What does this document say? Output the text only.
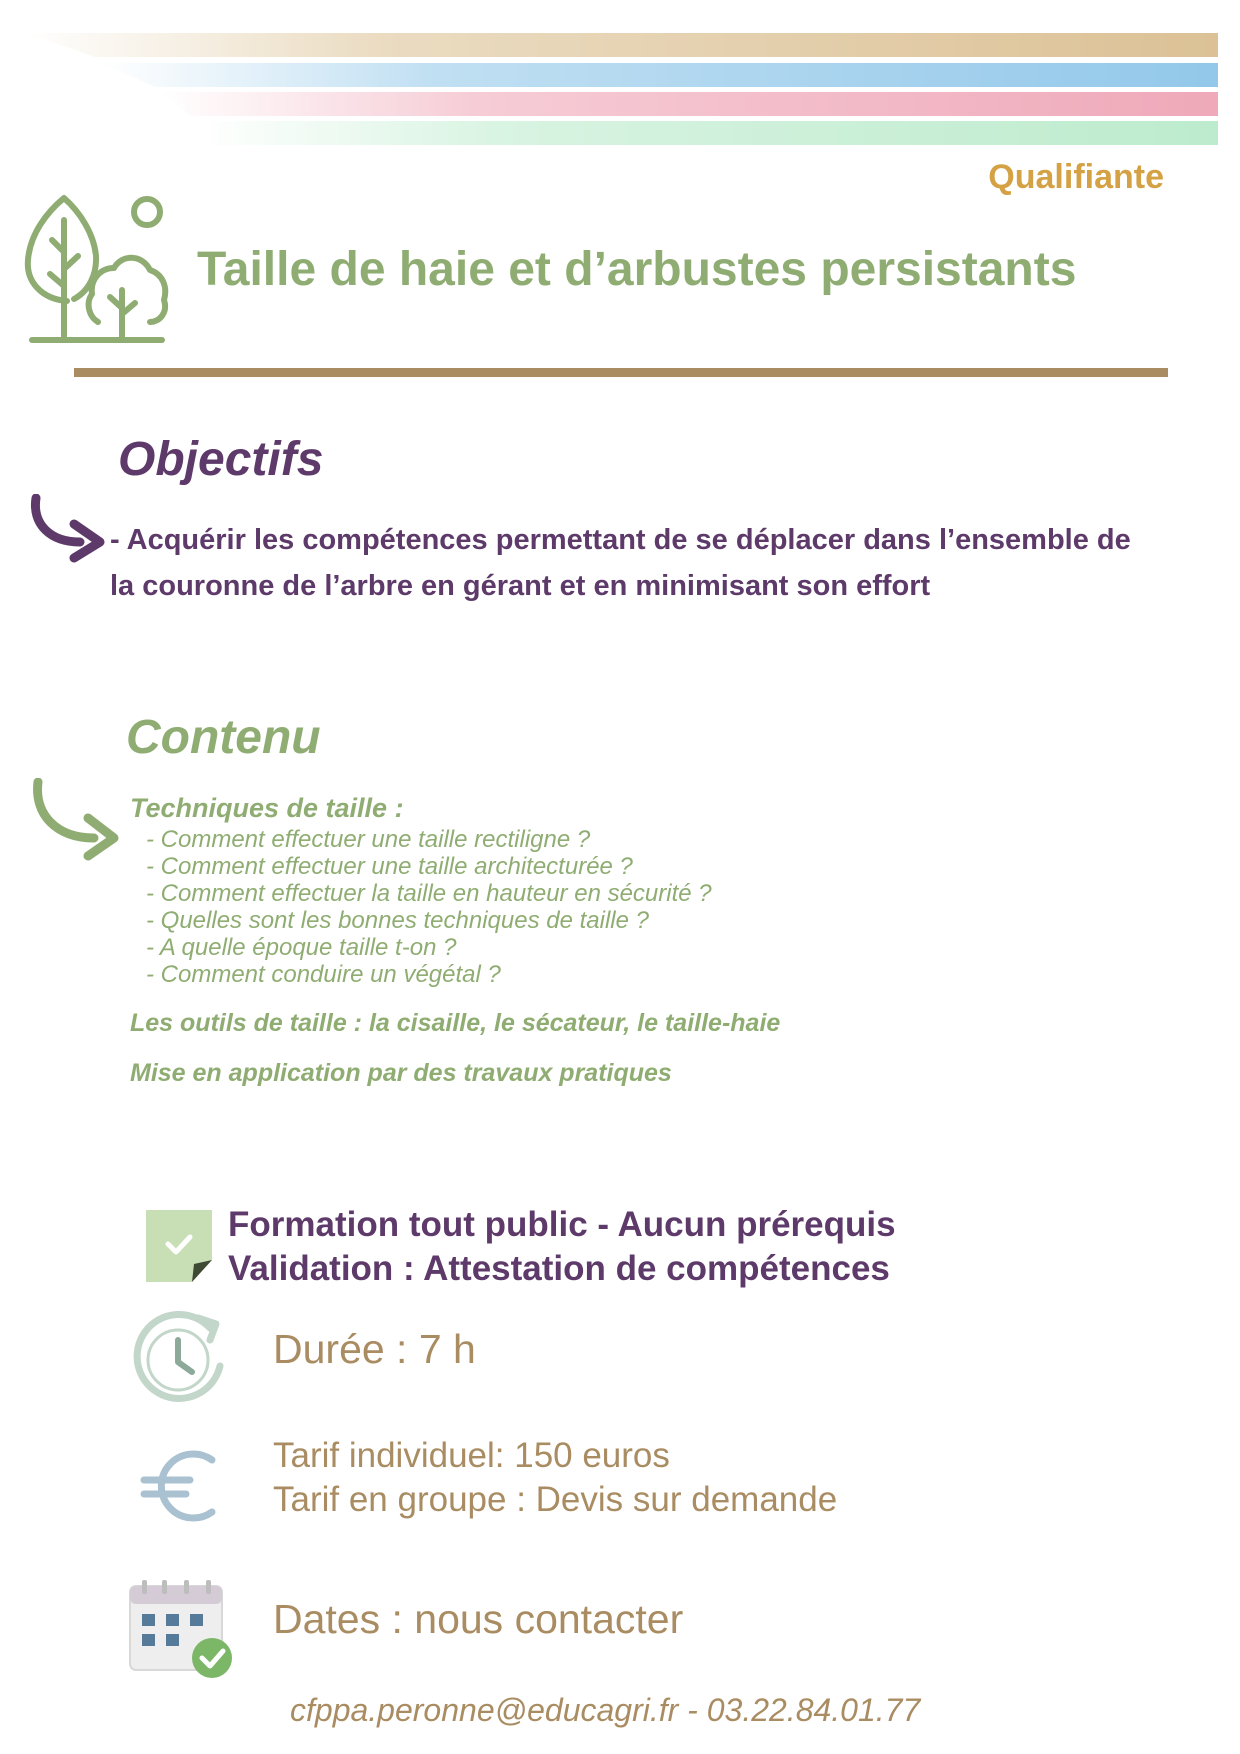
Qualifiante
Taille de haie et d’arbustes persistants
Objectifs
- Acquérir les compétences permettant de se déplacer dans l’ensemble de la couronne de l’arbre en gérant et en minimisant son effort
Contenu
Techniques de taille :
- Comment effectuer une taille rectiligne ?
- Comment effectuer une taille architecturée ?
- Comment effectuer la taille en hauteur en sécurité ?
- Quelles sont les bonnes techniques de taille ?
- A quelle époque taille t-on ?
- Comment conduire un végétal ?
Les outils de taille : la cisaille, le sécateur, le taille-haie
Mise en application par des travaux pratiques
Formation tout public - Aucun prérequis
Validation : Attestation de compétences
Durée : 7 h
Tarif individuel: 150 euros
Tarif en groupe : Devis sur demande
Dates : nous contacter
cfppa.peronne@educagri.fr - 03.22.84.01.77
